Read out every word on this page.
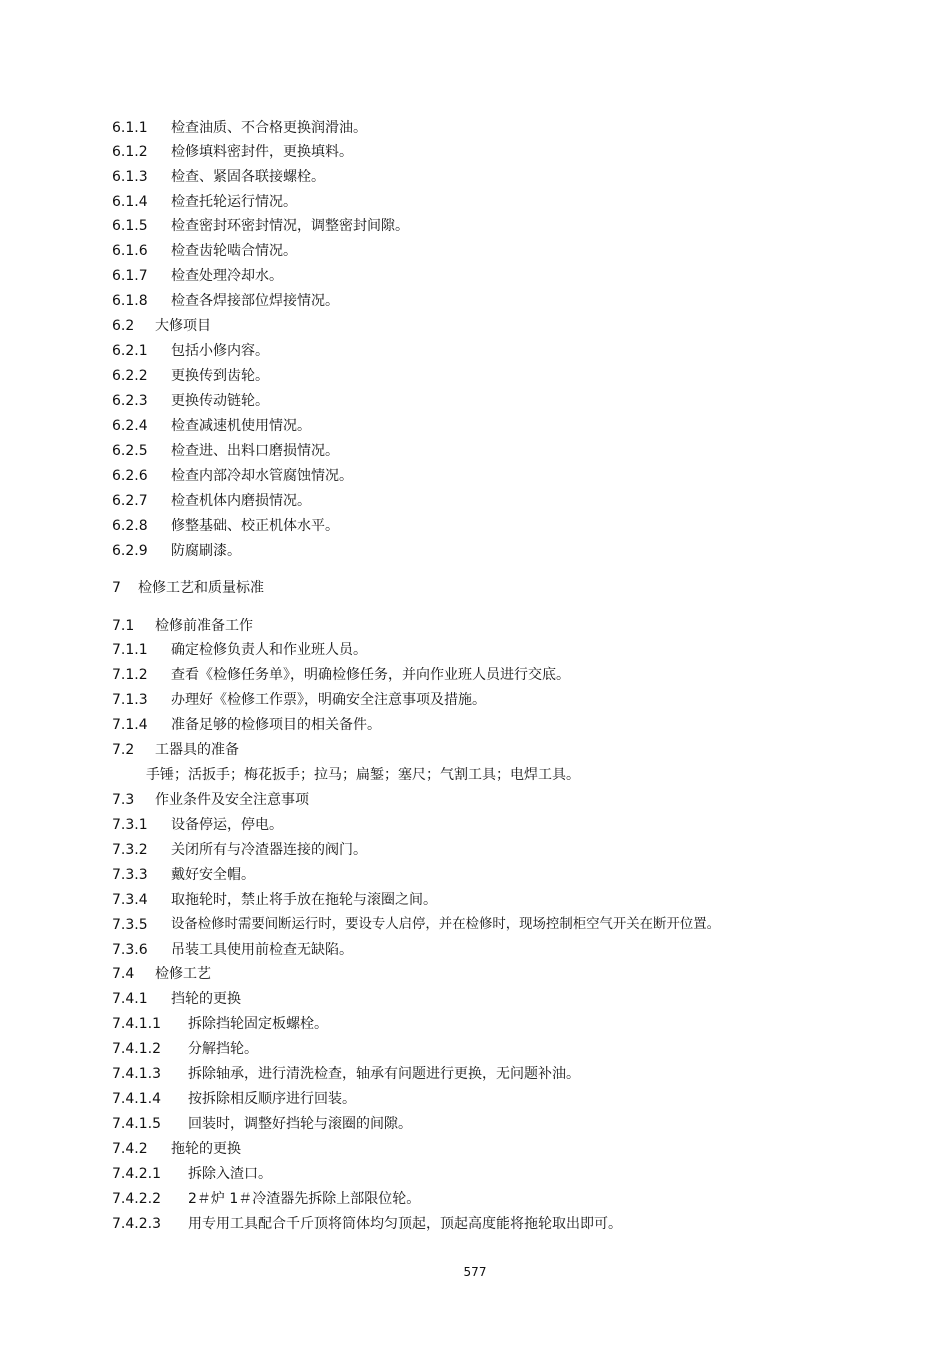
6.1.1 检查油质、不合格更换润滑油。
6.1.2 检修填料密封件，更换填料。
6.1.3 检查、紧固各联接螺栓。
6.1.4 检查托轮运行情况。
6.1.5 检查密封环密封情况，调整密封间隙。
6.1.6 检查齿轮啮合情况。
6.1.7 检查处理冷却水。
6.1.8 检查各焊接部位焊接情况。
6.2 大修项目
6.2.1 包括小修内容。
6.2.2 更换传到齿轮。
6.2.3 更换传动链轮。
6.2.4 检查减速机使用情况。
6.2.5 检查进、出料口磨损情况。
6.2.6 检查内部冷却水管腐蚀情况。
6.2.7 检查机体内磨损情况。
6.2.8 修整基础、校正机体水平。
6.2.9 防腐刷漆。
7 检修工艺和质量标准
7.1 检修前准备工作
7.1.1 确定检修负责人和作业班人员。
7.1.2 查看《检修任务单》，明确检修任务，并向作业班人员进行交底。
7.1.3 办理好《检修工作票》，明确安全注意事项及措施。
7.1.4 准备足够的检修项目的相关备件。
7.2 工器具的准备
手锤；活扳手；梅花扳手；拉马；扁錾；塞尺；气割工具；电焊工具。
7.3 作业条件及安全注意事项
7.3.1 设备停运，停电。
7.3.2 关闭所有与冷渣器连接的阀门。
7.3.3 戴好安全帽。
7.3.4 取拖轮时，禁止将手放在拖轮与滚圈之间。
7.3.5 设备检修时需要间断运行时，要设专人启停，并在检修时，现场控制柜空气开关在断开位置。
7.3.6 吊装工具使用前检查无缺陷。
7.4 检修工艺
7.4.1 挡轮的更换
7.4.1.1 拆除挡轮固定板螺栓。
7.4.1.2 分解挡轮。
7.4.1.3 拆除轴承，进行清洗检查，轴承有问题进行更换，无问题补油。
7.4.1.4 按拆除相反顺序进行回装。
7.4.1.5 回装时，调整好挡轮与滚圈的间隙。
7.4.2 拖轮的更换
7.4.2.1 拆除入渣口。
7.4.2.2 2＃炉 1＃冷渣器先拆除上部限位轮。
7.4.2.3 用专用工具配合千斤顶将筒体均匀顶起，顶起高度能将拖轮取出即可。
577
